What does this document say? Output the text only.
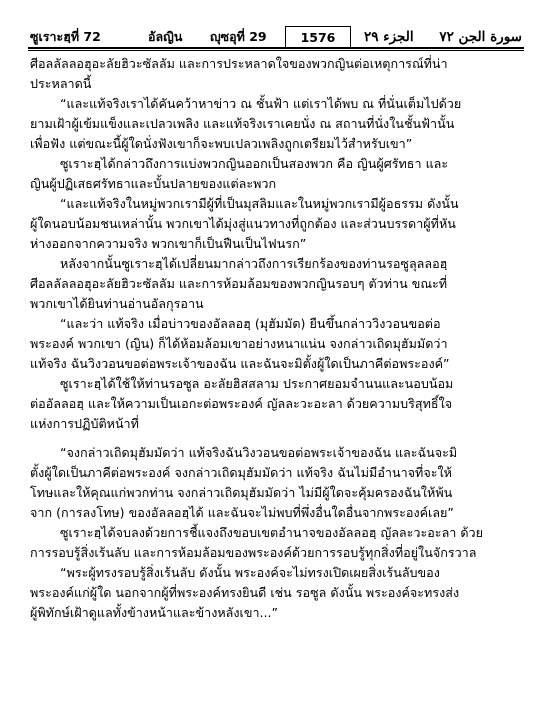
ซูเราะฮฺที่ 72	อัลญิน ญุซอุที่ 29	1576	الجزء ٢٩ سورة الجن ٧٢
ศีอลลัลลอฮุอะลัยฮิวะซัลลัม และการประหลาดใจของพวกญินต่อเหตุการณ์ที่น่า
ประหลาดนี้
“และแท้จริงเราได้คันคว้าหาข่าว ณ ชั้นฟ้า แต่เราได้พบ ณ ที่นั่นเต็มไปด้วย
ยามเฝ้าผู้เข้มแข็งและเปลวเพลิง และแท้จริงเราเคยนั่ง ณ สถานที่นั่งในชั้นฟ้านั้น
เพื่อฟัง แต่ขณะนี้ผู้ใดนั่งฟังเขาก็จะพบเปลวเพลิงถูกเตรียมไว้สำหรับเขา”
ซูเราะฮฺได้กล่าวถึงการแบ่งพวกญินออกเป็นสองพวก คือ ญินผู้ศรัทธา และ
ญินผู้ปฏิเสธศรัทธาและบั้นปลายของแต่ละพวก
“และแท้จริงในหมู่พวกเรามีผู้ที่เป็นมุสลิมและในหมู่พวกเรามีผู้อธรรม ดังนั้น
ผู้ใดนอบน้อมชนเหล่านั้น พวกเขาได้มุ่งสู่แนวทางที่ถูกต้อง และส่วนบรรดาผู้ที่หัน
ห่างออกจากความจริง พวกเขาก็เป็นฟืนเป็นไฟนรก”
หลังจากนั้นซูเราะฮฺได้เปลี่ยนมากล่าวถึงการเรียกร้องของท่านรอซูลุลลอฮฺ
ศีอลลัลลอฮุอะลัยฮิวะซัลลัม และการห้อมล้อมของพวกญินรอบๆ ตัวท่าน ขณะที่
พวกเขาได้ยินท่านอ่านอัลกุรอาน
“และว่า แท้จริง เมื่อบ่าวของอัลลอฮฺ (มุฮัมมัด) ยืนขึ้นกล่าววิงวอนขอต่อ
พระองค์ พวกเขา (ญิน) ก็ได้ห้อมล้อมเขาอย่างหนาแน่น จงกล่าวเถิดมุฮัมมัดว่า
แท้จริง ฉันวิงวอนขอต่อพระเจ้าของฉัน และฉันจะมิตั้งผู้ใดเป็นภาคีต่อพระองค์”
ซูเราะฮฺได้ใช้ให้ท่านรอซูล อะลัยฮิสสลาม ประกาศยอมจำนนและนอบน้อม
ต่ออัลลอฮฺ และให้ความเป็นเอกะต่อพระองค์ ญัลละวะอะลา ด้วยความบริสุทธิ์ใจ
แห่งการปฏิบัติหน้าที่
“จงกล่าวเถิดมุฮัมมัดว่า แท้จริงฉันวิงวอนขอต่อพระเจ้าของฉัน และฉันจะมิ
ตั้งผู้ใดเป็นภาคีต่อพระองค์ จงกล่าวเถิดมุฮัมมัดว่า แท้จริง ฉันไม่มีอำนาจที่จะให้
โทษและให้คุณแก่พวกท่าน จงกล่าวเถิดมุฮัมมัดว่า ไม่มีผู้ใดจะคุ้มครองฉันให้พ้น
จาก (การลงโทษ) ของอัลลอฮฺได้ และฉันจะไม่พบที่พึ่งอื่นใดอื่นจากพระองค์เลย”
ซูเราะฮฺได้จบลงด้วยการชี้แจงถึงขอบเขตอำนาจของอัลลอฮฺ ญัลละวะอะลา ด้วย
การรอบรู้สิ่งเร้นลับ และการห้อมล้อมของพระองค์ด้วยการรอบรู้ทุกสิ่งที่อยู่ในจักรวาล
“พระผู้ทรงรอบรู้สิ่งเร้นลับ ดังนั้น พระองค์จะไม่ทรงเปิดเผยสิ่งเร้นลับของ
พระองค์แก่ผู้ใด นอกจากผู้ที่พระองค์ทรงยินดี เช่น รอซูล ดังนั้น พระองค์จะทรงส่ง
ผู้พิทักษ์เฝ้าดูแลทั้งข้างหน้าและข้างหลังเขา...”
